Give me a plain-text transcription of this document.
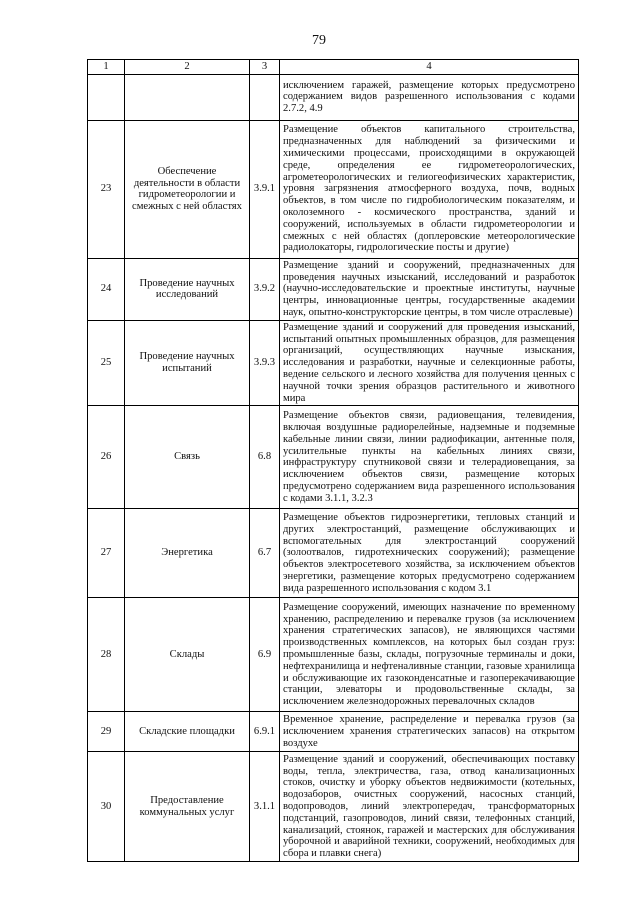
79
1	2	3	4
			исключением гаражей, размещение которых предусмотрено содержанием видов разрешенного использования с кодами 2.7.2, 4.9
23	Обеспечение деятельности в области гидрометеорологии и смежных с ней областях	3.9.1	Размещение объектов капитального строительства, предназначенных для наблюдений за физическими и химическими процессами, происходящими в окружающей среде, определения ее гидрометеорологических, агрометеорологических и гелиогеофизических характеристик, уровня загрязнения атмосферного воздуха, почв, водных объектов, в том числе по гидробиологическим показателям, и околоземного - космического пространства, зданий и сооружений, используемых в области гидрометеорологии и смежных с ней областях (доплеровские метеорологические радиолокаторы, гидрологические посты и другие)
24	Проведение научных исследований	3.9.2	Размещение зданий и сооружений, предназначенных для проведения научных изысканий, исследований и разработок (научно-исследовательские и проектные институты, научные центры, инновационные центры, государственные академии наук, опытно-конструкторские центры, в том числе отраслевые)
25	Проведение научных испытаний	3.9.3	Размещение зданий и сооружений для проведения изысканий, испытаний опытных промышленных образцов, для размещения организаций, осуществляющих научные изыскания, исследования и разработки, научные и селекционные работы, ведение сельского и лесного хозяйства для получения ценных с научной точки зрения образцов растительного и животного мира
26	Связь	6.8	Размещение объектов связи, радиовещания, телевидения, включая воздушные радиорелейные, надземные и подземные кабельные линии связи, линии радиофикации, антенные поля, усилительные пункты на кабельных линиях связи, инфраструктуру спутниковой связи и телерадиовещания, за исключением объектов связи, размещение которых предусмотрено содержанием вида разрешенного использования с кодами 3.1.1, 3.2.3
27	Энергетика	6.7	Размещение объектов гидроэнергетики, тепловых станций и других электростанций, размещение обслуживающих и вспомогательных для электростанций сооружений (золоотвалов, гидротехнических сооружений); размещение объектов электросетевого хозяйства, за исключением объектов энергетики, размещение которых предусмотрено содержанием вида разрешенного использования с кодом 3.1
28	Склады	6.9	Размещение сооружений, имеющих назначение по временному хранению, распределению и перевалке грузов (за исключением хранения стратегических запасов), не являющихся частями производственных комплексов, на которых был создан груз: промышленные базы, склады, погрузочные терминалы и доки, нефтехранилища и нефтеналивные станции, газовые хранилища и обслуживающие их газоконденсатные и газоперекачивающие станции, элеваторы и продовольственные склады, за исключением железнодорожных перевалочных складов
29	Складские площадки	6.9.1	Временное хранение, распределение и перевалка грузов (за исключением хранения стратегических запасов) на открытом воздухе
30	Предоставление коммунальных услуг	3.1.1	Размещение зданий и сооружений, обеспечивающих поставку воды, тепла, электричества, газа, отвод канализационных стоков, очистку и уборку объектов недвижимости (котельных, водозаборов, очистных сооружений, насосных станций, водопроводов, линий электропередач, трансформаторных подстанций, газопроводов, линий связи, телефонных станций, канализаций, стоянок, гаражей и мастерских для обслуживания уборочной и аварийной техники, сооружений, необходимых для сбора и плавки снега)
